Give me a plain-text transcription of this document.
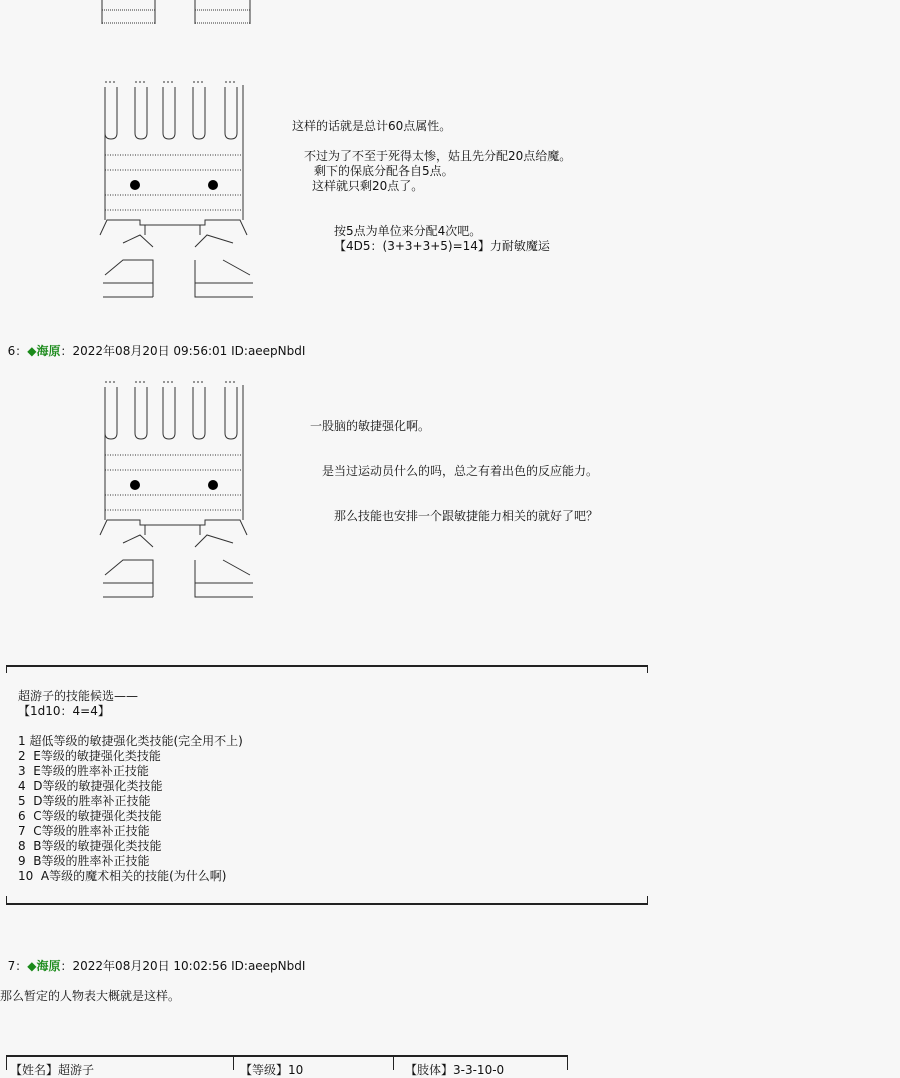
这样的话就是总计60点属性。
不过为了不至于死得太惨，姑且先分配20点给魔。
剩下的保底分配各自5点。
这样就只剩20点了。
按5点为单位来分配4次吧。
【4D5：(3+3+3+5)=14】力耐敏魔运

6：◆海原：2022年08月20日 09:56:01 ID:aeepNbdI

一股脑的敏捷强化啊。
是当过运动员什么的吗，总之有着出色的反应能力。
那么技能也安排一个跟敏捷能力相关的就好了吧？
超游子的技能候选——
【1d10：4=4】
1 超低等级的敏捷强化类技能(完全用不上)
2  E等级的敏捷强化类技能
3  E等级的胜率补正技能
4  D等级的敏捷强化类技能
5  D等级的胜率补正技能
6  C等级的敏捷强化类技能
7  C等级的胜率补正技能
8  B等级的敏捷强化类技能
9  B等级的胜率补正技能
10  A等级的魔术相关的技能(为什么啊)

7：◆海原：2022年08月20日 10:02:56 ID:aeepNbdI

那么暂定的人物表大概就是这样。
【姓名】超游子	【等级】10	【肢体】3-3-10-0
